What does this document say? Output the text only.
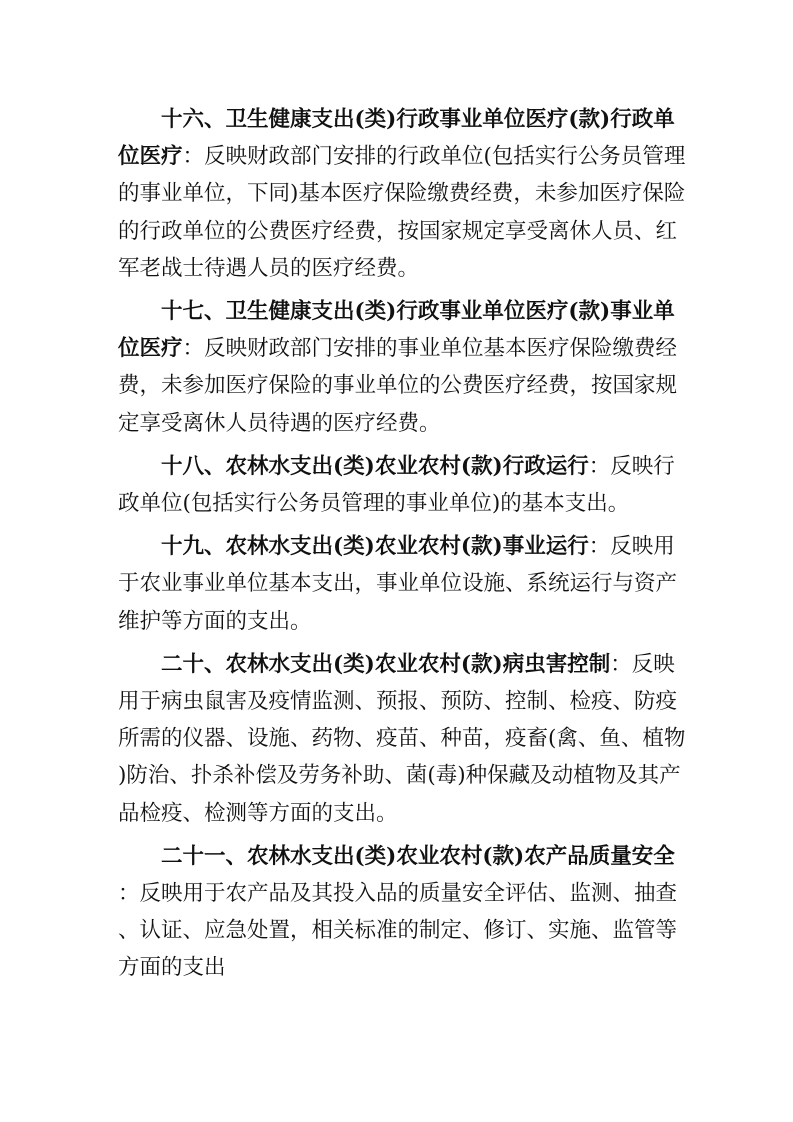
十六、卫生健康支出(类)行政事业单位医疗(款)行政单
位医疗：反映财政部门安排的行政单位(包括实行公务员管理
的事业单位，下同)基本医疗保险缴费经费，未参加医疗保险
的行政单位的公费医疗经费，按国家规定享受离休人员、红
军老战士待遇人员的医疗经费。
十七、卫生健康支出(类)行政事业单位医疗(款)事业单
位医疗：反映财政部门安排的事业单位基本医疗保险缴费经
费，未参加医疗保险的事业单位的公费医疗经费，按国家规
定享受离休人员待遇的医疗经费。
十八、农林水支出(类)农业农村(款)行政运行：反映行
政单位(包括实行公务员管理的事业单位)的基本支出。
十九、农林水支出(类)农业农村(款)事业运行：反映用
于农业事业单位基本支出，事业单位设施、系统运行与资产
维护等方面的支出。
二十、农林水支出(类)农业农村(款)病虫害控制：反映
用于病虫鼠害及疫情监测、预报、预防、控制、检疫、防疫
所需的仪器、设施、药物、疫苗、种苗，疫畜(禽、鱼、植物
)防治、扑杀补偿及劳务补助、菌(毒)种保藏及动植物及其产
品检疫、检测等方面的支出。
二十一、农林水支出(类)农业农村(款)农产品质量安全
：反映用于农产品及其投入品的质量安全评估、监测、抽查
、认证、应急处置，相关标准的制定、修订、实施、监管等
方面的支出
